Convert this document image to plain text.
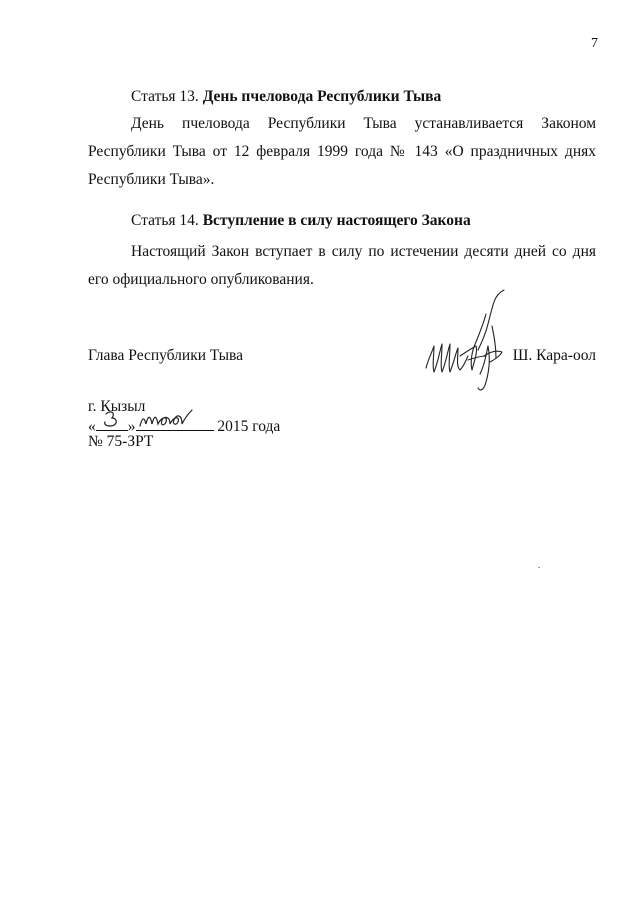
7
Статья 13. День пчеловода Республики Тыва
День пчеловода Республики Тыва устанавливается Законом Республики Тыва от 12 февраля 1999 года № 143 «О праздничных днях Республики Тыва».
Статья 14. Вступление в силу настоящего Закона
Настоящий Закон вступает в силу по истечении десяти дней со дня его официального опубликования.
Глава Республики Тыва	Ш. Кара-оол
г. Кызыл
« »	2015 года
№ 75-ЗРТ
